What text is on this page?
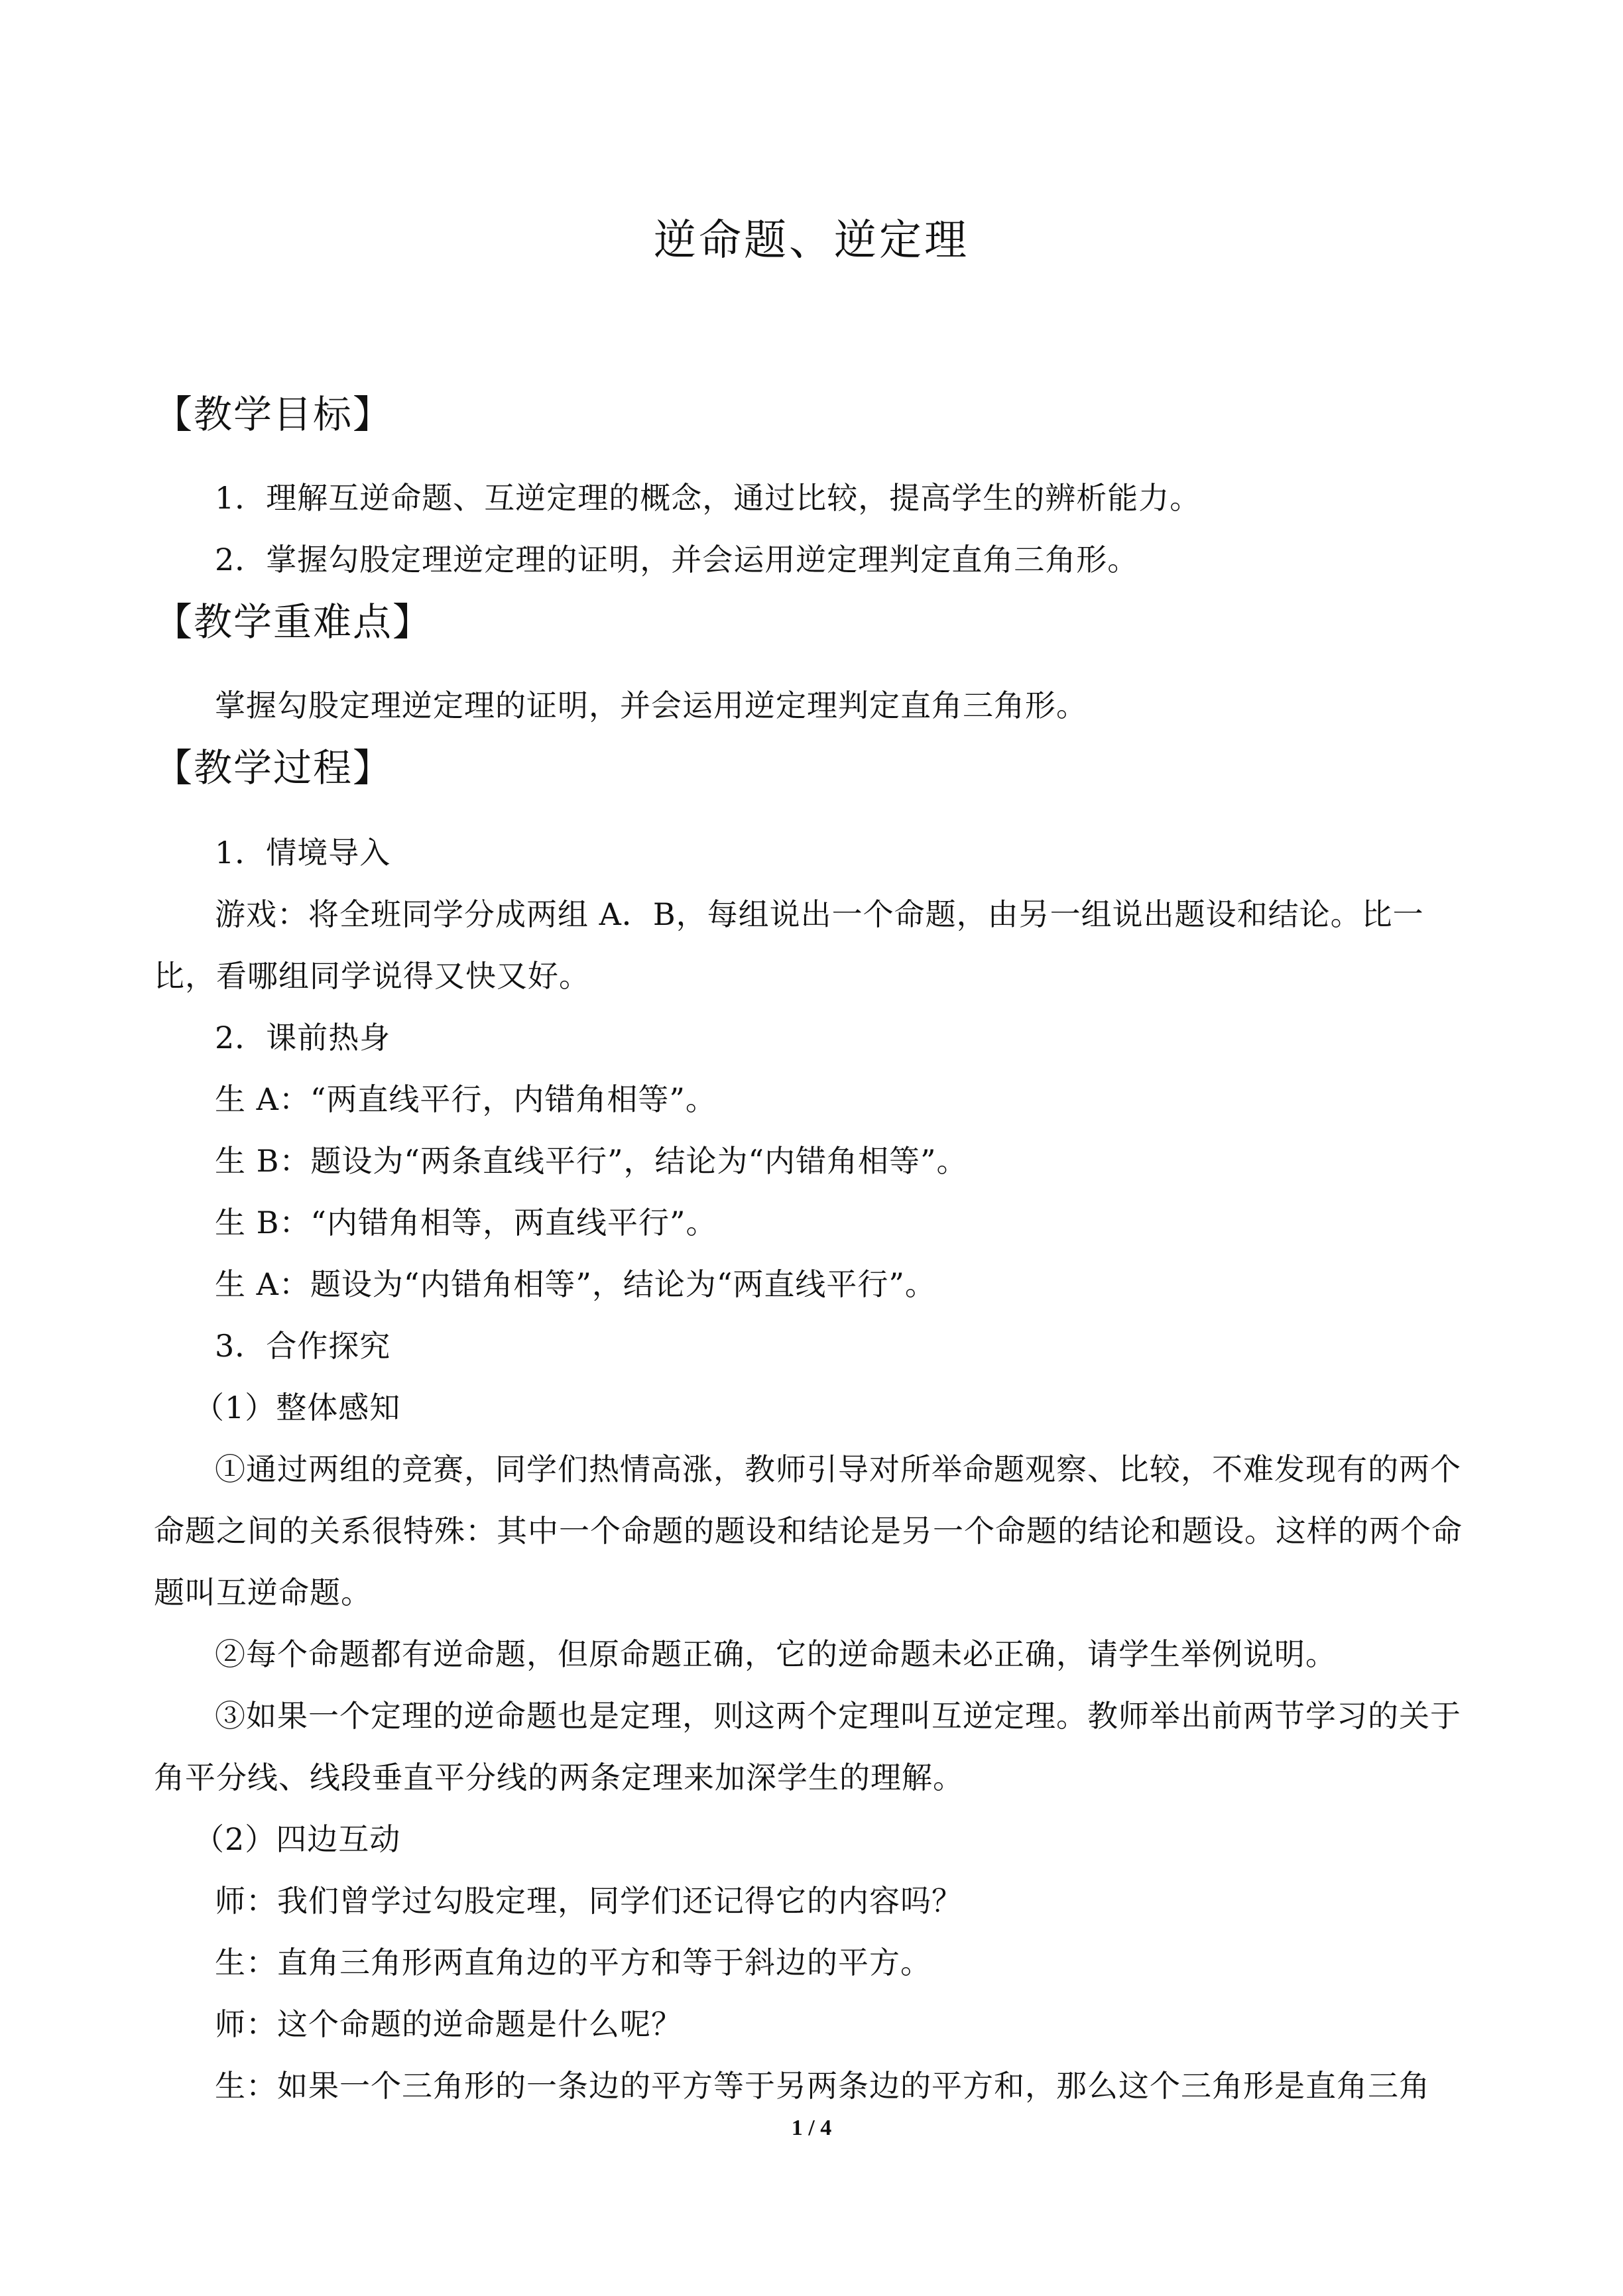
逆命题、逆定理
【教学目标】

1．理解互逆命题、互逆定理的概念，通过比较，提高学生的辨析能力。

2．掌握勾股定理逆定理的证明，并会运用逆定理判定直角三角形。

【教学重难点】

掌握勾股定理逆定理的证明，并会运用逆定理判定直角三角形。

【教学过程】

1．情境导入

游戏：将全班同学分成两组 A．B，每组说出一个命题，由另一组说出题设和结论。比一比，看哪组同学说得又快又好。

2．课前热身

生 A：“两直线平行，内错角相等”。

生 B：题设为“两条直线平行”，结论为“内错角相等”。

生 B：“内错角相等，两直线平行”。

生 A：题设为“内错角相等”，结论为“两直线平行”。

3．合作探究

（1）整体感知

①通过两组的竞赛，同学们热情高涨，教师引导对所举命题观察、比较，不难发现有的两个命题之间的关系很特殊：其中一个命题的题设和结论是另一个命题的结论和题设。这样的两个命题叫互逆命题。

②每个命题都有逆命题，但原命题正确，它的逆命题未必正确，请学生举例说明。

③如果一个定理的逆命题也是定理，则这两个定理叫互逆定理。教师举出前两节学习的关于角平分线、线段垂直平分线的两条定理来加深学生的理解。

（2）四边互动

师：我们曾学过勾股定理，同学们还记得它的内容吗？

生：直角三角形两直角边的平方和等于斜边的平方。

师：这个命题的逆命题是什么呢？

生：如果一个三角形的一条边的平方等于另两条边的平方和，那么这个三角形是直角三角

1 / 4
